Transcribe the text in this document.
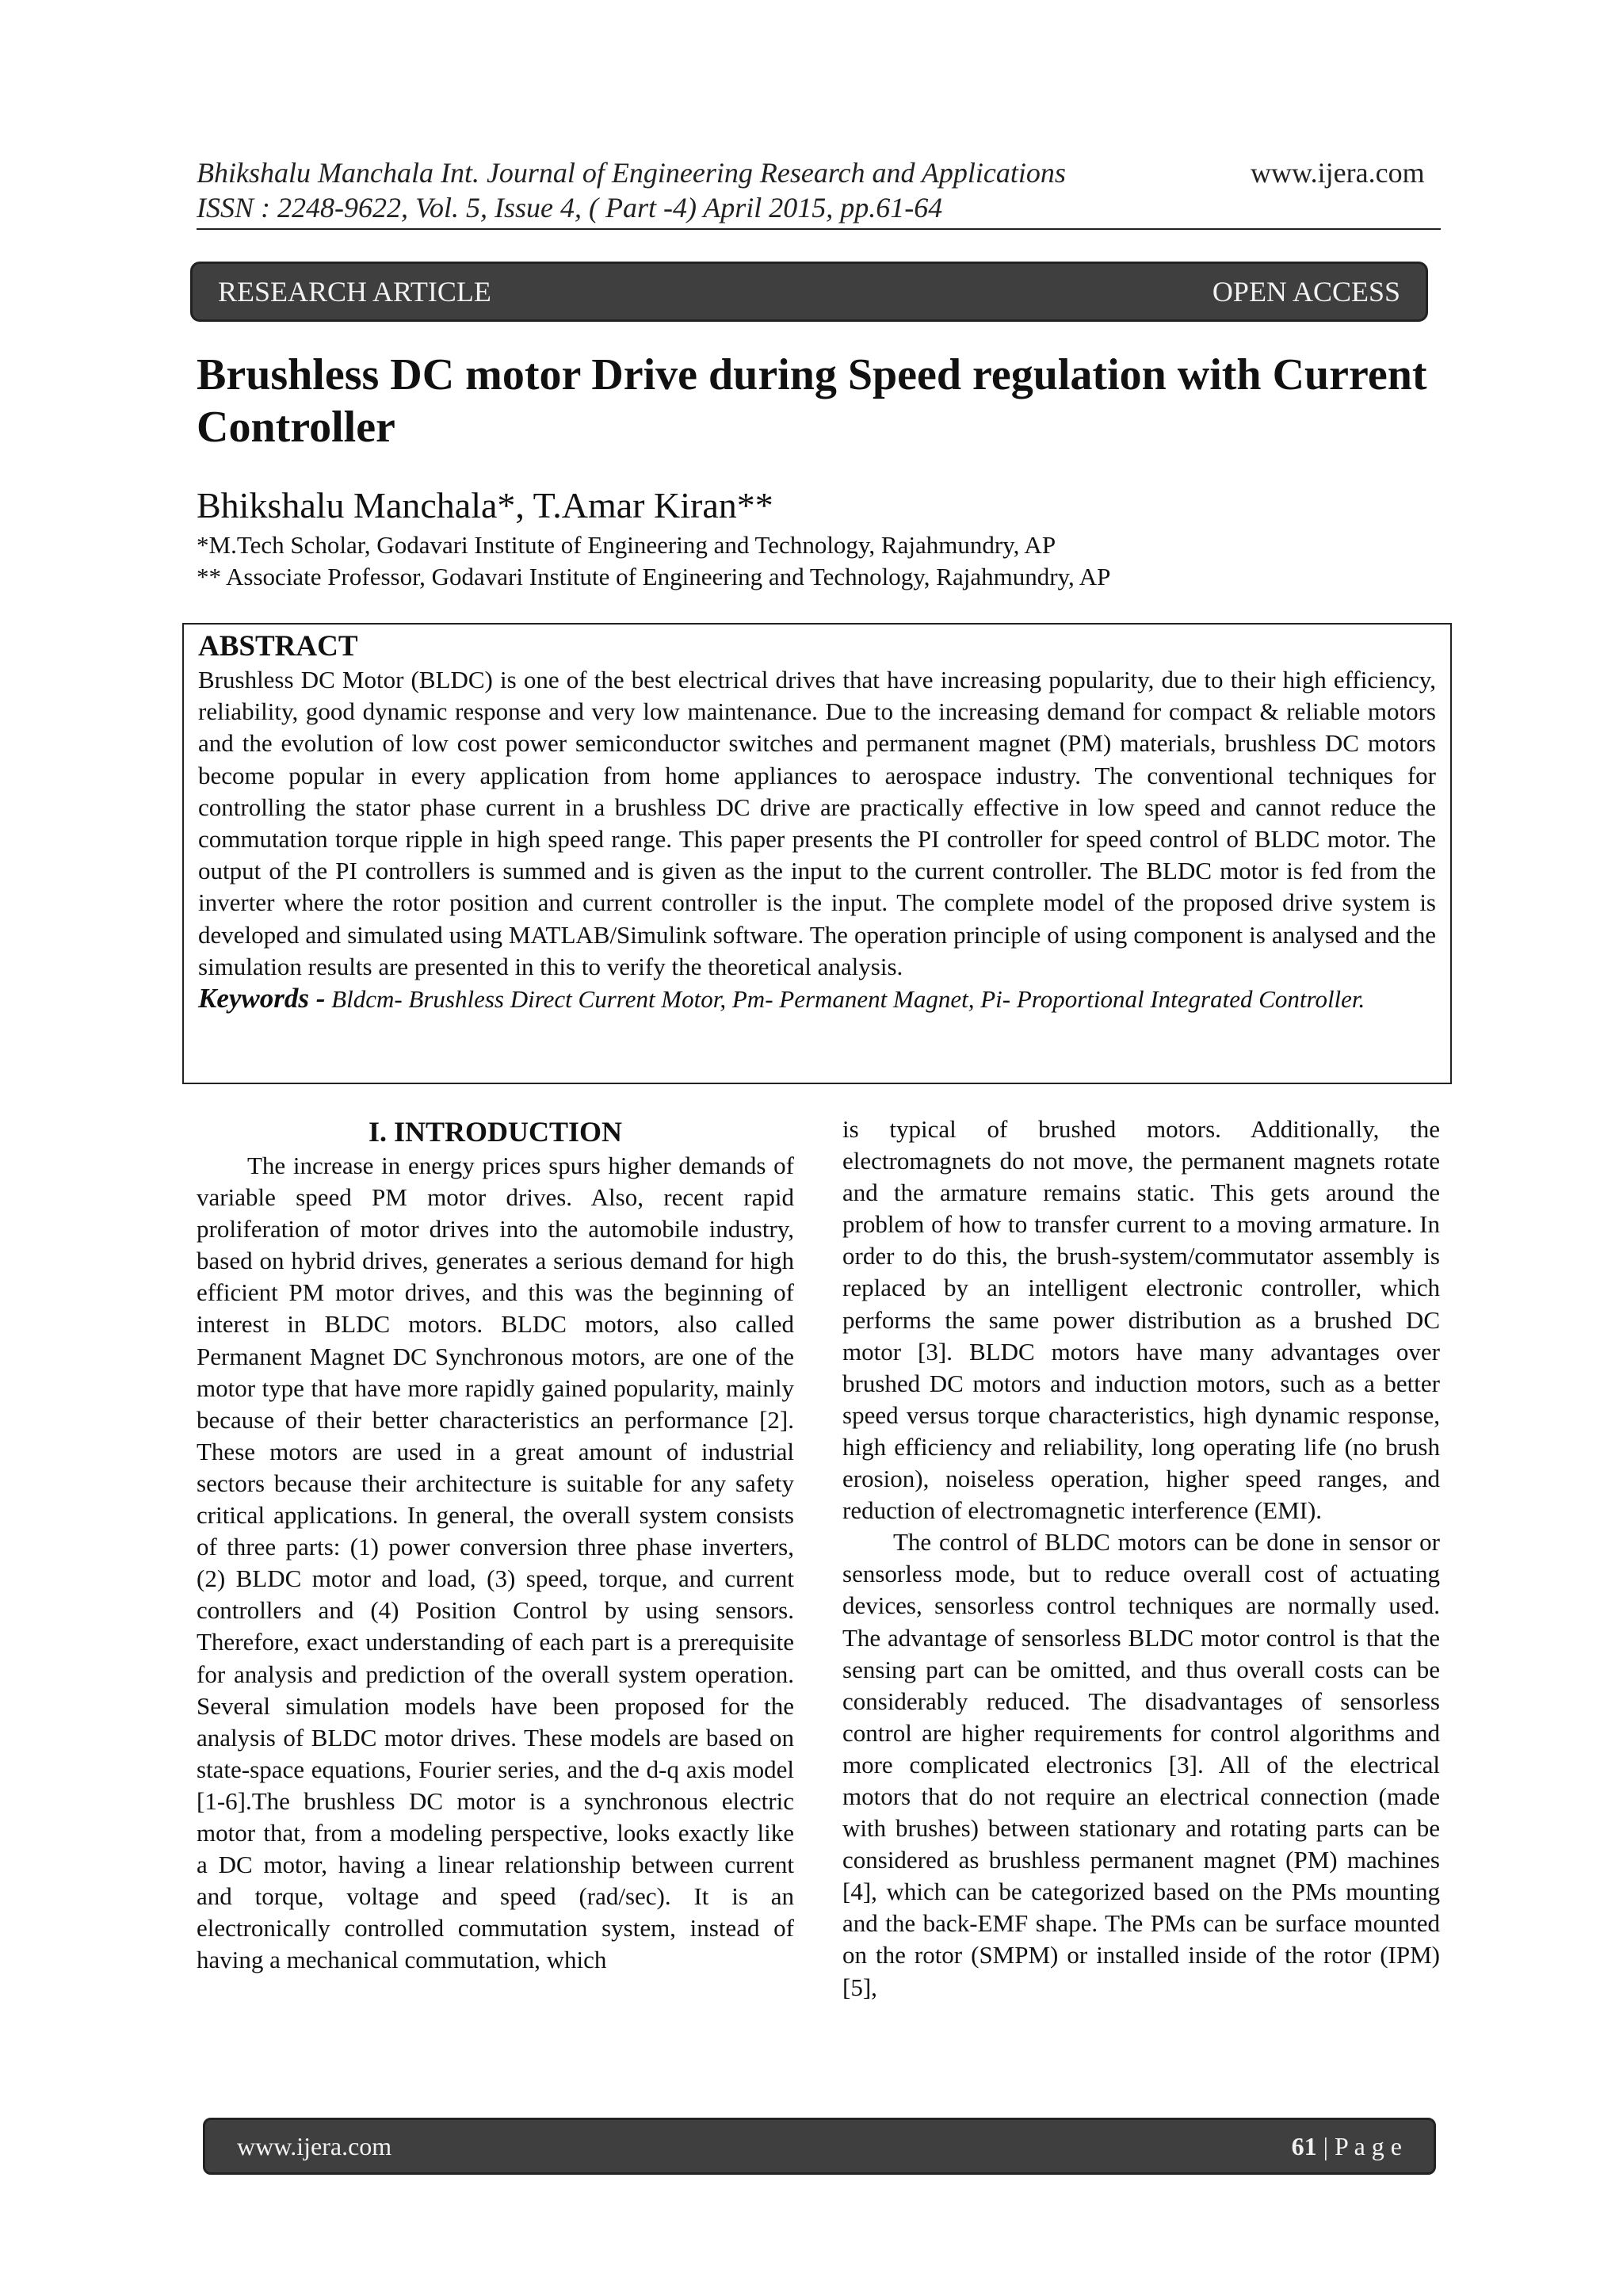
Bhikshalu Manchala Int. Journal of Engineering Research and Applications
ISSN : 2248-9622, Vol. 5, Issue 4, ( Part -4) April 2015, pp.61-64
www.ijera.com
RESEARCH ARTICLE	OPEN ACCESS
Brushless DC motor Drive during Speed regulation with Current Controller
Bhikshalu Manchala*, T.Amar Kiran**
*M.Tech Scholar, Godavari Institute of Engineering and Technology, Rajahmundry, AP
** Associate Professor, Godavari Institute of Engineering and Technology, Rajahmundry, AP
ABSTRACT
Brushless DC Motor (BLDC) is one of the best electrical drives that have increasing popularity, due to their high efficiency, reliability, good dynamic response and very low maintenance. Due to the increasing demand for compact & reliable motors and the evolution of low cost power semiconductor switches and permanent magnet (PM) materials, brushless DC motors become popular in every application from home appliances to aerospace industry. The conventional techniques for controlling the stator phase current in a brushless DC drive are practically effective in low speed and cannot reduce the commutation torque ripple in high speed range. This paper presents the PI controller for speed control of BLDC motor. The output of the PI controllers is summed and is given as the input to the current controller. The BLDC motor is fed from the inverter where the rotor position and current controller is the input. The complete model of the proposed drive system is developed and simulated using MATLAB/Simulink software. The operation principle of using component is analysed and the simulation results are presented in this to verify the theoretical analysis.
Keywords - Bldcm- Brushless Direct Current Motor, Pm- Permanent Magnet, Pi- Proportional Integrated Controller.
I. INTRODUCTION

The increase in energy prices spurs higher demands of variable speed PM motor drives. Also, recent rapid proliferation of motor drives into the automobile industry, based on hybrid drives, generates a serious demand for high efficient PM motor drives, and this was the beginning of interest in BLDC motors. BLDC motors, also called Permanent Magnet DC Synchronous motors, are one of the motor type that have more rapidly gained popularity, mainly because of their better characteristics an performance [2]. These motors are used in a great amount of industrial sectors because their architecture is suitable for any safety critical applications. In general, the overall system consists of three parts: (1) power conversion three phase inverters, (2) BLDC motor and load, (3) speed, torque, and current controllers and (4) Position Control by using sensors. Therefore, exact understanding of each part is a prerequisite for analysis and prediction of the overall system operation. Several simulation models have been proposed for the analysis of BLDC motor drives. These models are based on state-space equations, Fourier series, and the d-q axis model [1-6].The brushless DC motor is a synchronous electric motor that, from a modeling perspective, looks exactly like a DC motor, having a linear relationship between current and torque, voltage and speed (rad/sec). It is an electronically controlled commutation system, instead of having a mechanical commutation, which

is typical of brushed motors. Additionally, the electromagnets do not move, the permanent magnets rotate and the armature remains static. This gets around the problem of how to transfer current to a moving armature. In order to do this, the brush-system/commutator assembly is replaced by an intelligent electronic controller, which performs the same power distribution as a brushed DC motor [3]. BLDC motors have many advantages over brushed DC motors and induction motors, such as a better speed versus torque characteristics, high dynamic response, high efficiency and reliability, long operating life (no brush erosion), noiseless operation, higher speed ranges, and reduction of electromagnetic interference (EMI).

The control of BLDC motors can be done in sensor or sensorless mode, but to reduce overall cost of actuating devices, sensorless control techniques are normally used. The advantage of sensorless BLDC motor control is that the sensing part can be omitted, and thus overall costs can be considerably reduced. The disadvantages of sensorless control are higher requirements for control algorithms and more complicated electronics [3]. All of the electrical motors that do not require an electrical connection (made with brushes) between stationary and rotating parts can be considered as brushless permanent magnet (PM) machines [4], which can be categorized based on the PMs mounting and the back-EMF shape. The PMs can be surface mounted on the rotor (SMPM) or installed inside of the rotor (IPM) [5],

www.ijera.com	61 | P a g e
